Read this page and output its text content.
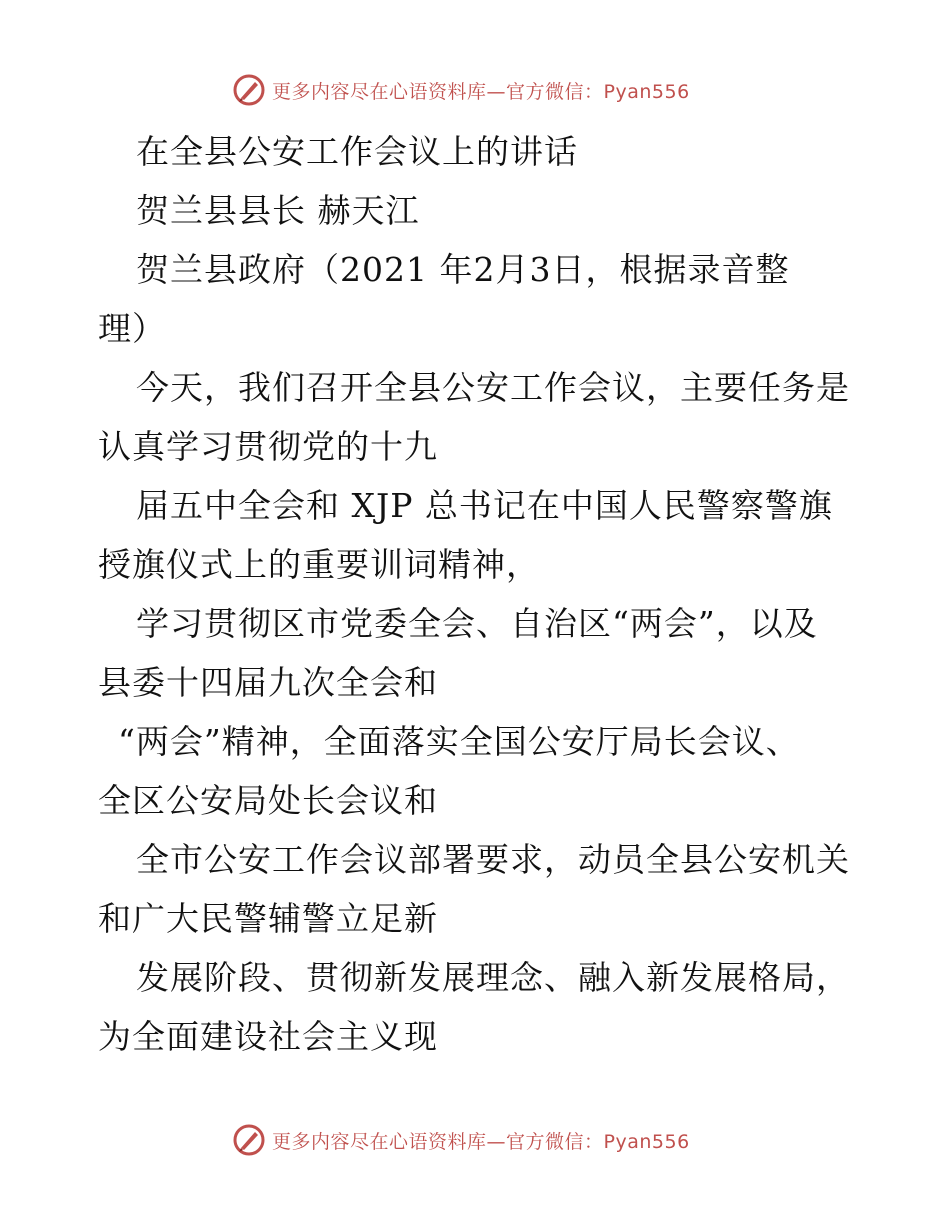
更多内容尽在心语资料库—官方微信：Pyan556
在全县公安工作会议上的讲话
贺兰县县长 赫天江
贺兰县政府（2021 年2月3日，根据录音整
理）
今天，我们召开全县公安工作会议，主要任务是
认真学习贯彻党的十九
届五中全会和 XJP 总书记在中国人民警察警旗
授旗仪式上的重要训词精神，
学习贯彻区市党委全会、自治区“两会”，以及
县委十四届九次全会和
“两会”精神，全面落实全国公安厅局长会议、
全区公安局处长会议和
全市公安工作会议部署要求，动员全县公安机关
和广大民警辅警立足新
发展阶段、贯彻新发展理念、融入新发展格局，
为全面建设社会主义现
更多内容尽在心语资料库—官方微信：Pyan556
